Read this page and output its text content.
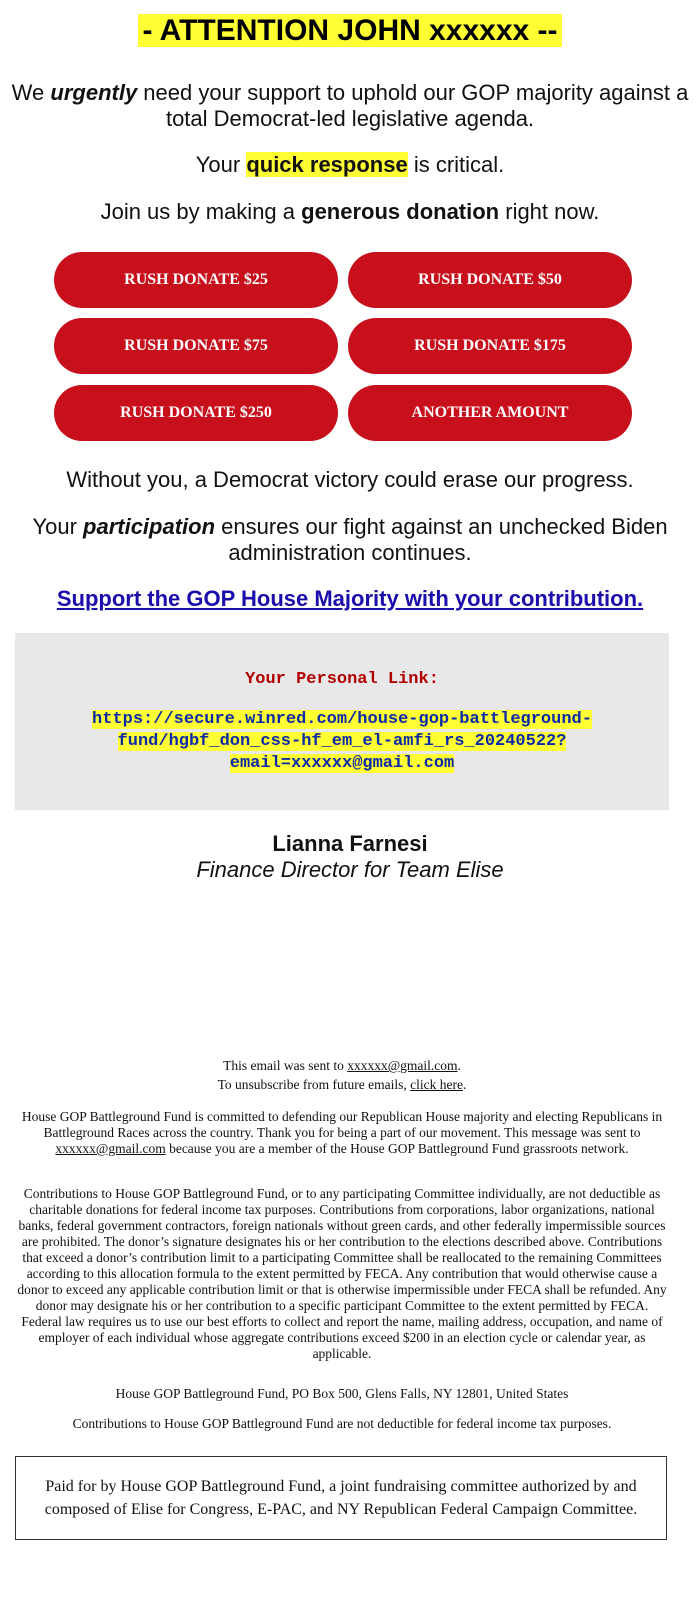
- ATTENTION JOHN xxxxxx --
We urgently need your support to uphold our GOP majority against a total Democrat-led legislative agenda.
Your quick response is critical.
Join us by making a generous donation right now.
RUSH DONATE $25	RUSH DONATE $50
RUSH DONATE $75	RUSH DONATE $175
RUSH DONATE $250	ANOTHER AMOUNT
Without you, a Democrat victory could erase our progress.
Your participation ensures our fight against an unchecked Biden administration continues.
Support the GOP House Majority with your contribution.
Your Personal Link:
https://secure.winred.com/house-gop-battleground-
fund/hgbf_don_css-hf_em_el-amfi_rs_20240522?
email=xxxxxx@gmail.com
Lianna Farnesi
Finance Director for Team Elise
This email was sent to xxxxxx@gmail.com.
To unsubscribe from future emails, click here.
House GOP Battleground Fund is committed to defending our Republican House majority and electing Republicans in Battleground Races across the country. Thank you for being a part of our movement. This message was sent to xxxxxx@gmail.com because you are a member of the House GOP Battleground Fund grassroots network.
Contributions to House GOP Battleground Fund, or to any participating Committee individually, are not deductible as charitable donations for federal income tax purposes. Contributions from corporations, labor organizations, national banks, federal government contractors, foreign nationals without green cards, and other federally impermissible sources are prohibited. The donor’s signature designates his or her contribution to the elections described above. Contributions that exceed a donor’s contribution limit to a participating Committee shall be reallocated to the remaining Committees according to this allocation formula to the extent permitted by FECA. Any contribution that would otherwise cause a donor to exceed any applicable contribution limit or that is otherwise impermissible under FECA shall be refunded. Any donor may designate his or her contribution to a specific participant Committee to the extent permitted by FECA. Federal law requires us to use our best efforts to collect and report the name, mailing address, occupation, and name of employer of each individual whose aggregate contributions exceed $200 in an election cycle or calendar year, as applicable.
House GOP Battleground Fund, PO Box 500, Glens Falls, NY 12801, United States
Contributions to House GOP Battleground Fund are not deductible for federal income tax purposes.
Paid for by House GOP Battleground Fund, a joint fundraising committee authorized by and composed of Elise for Congress, E-PAC, and NY Republican Federal Campaign Committee.
